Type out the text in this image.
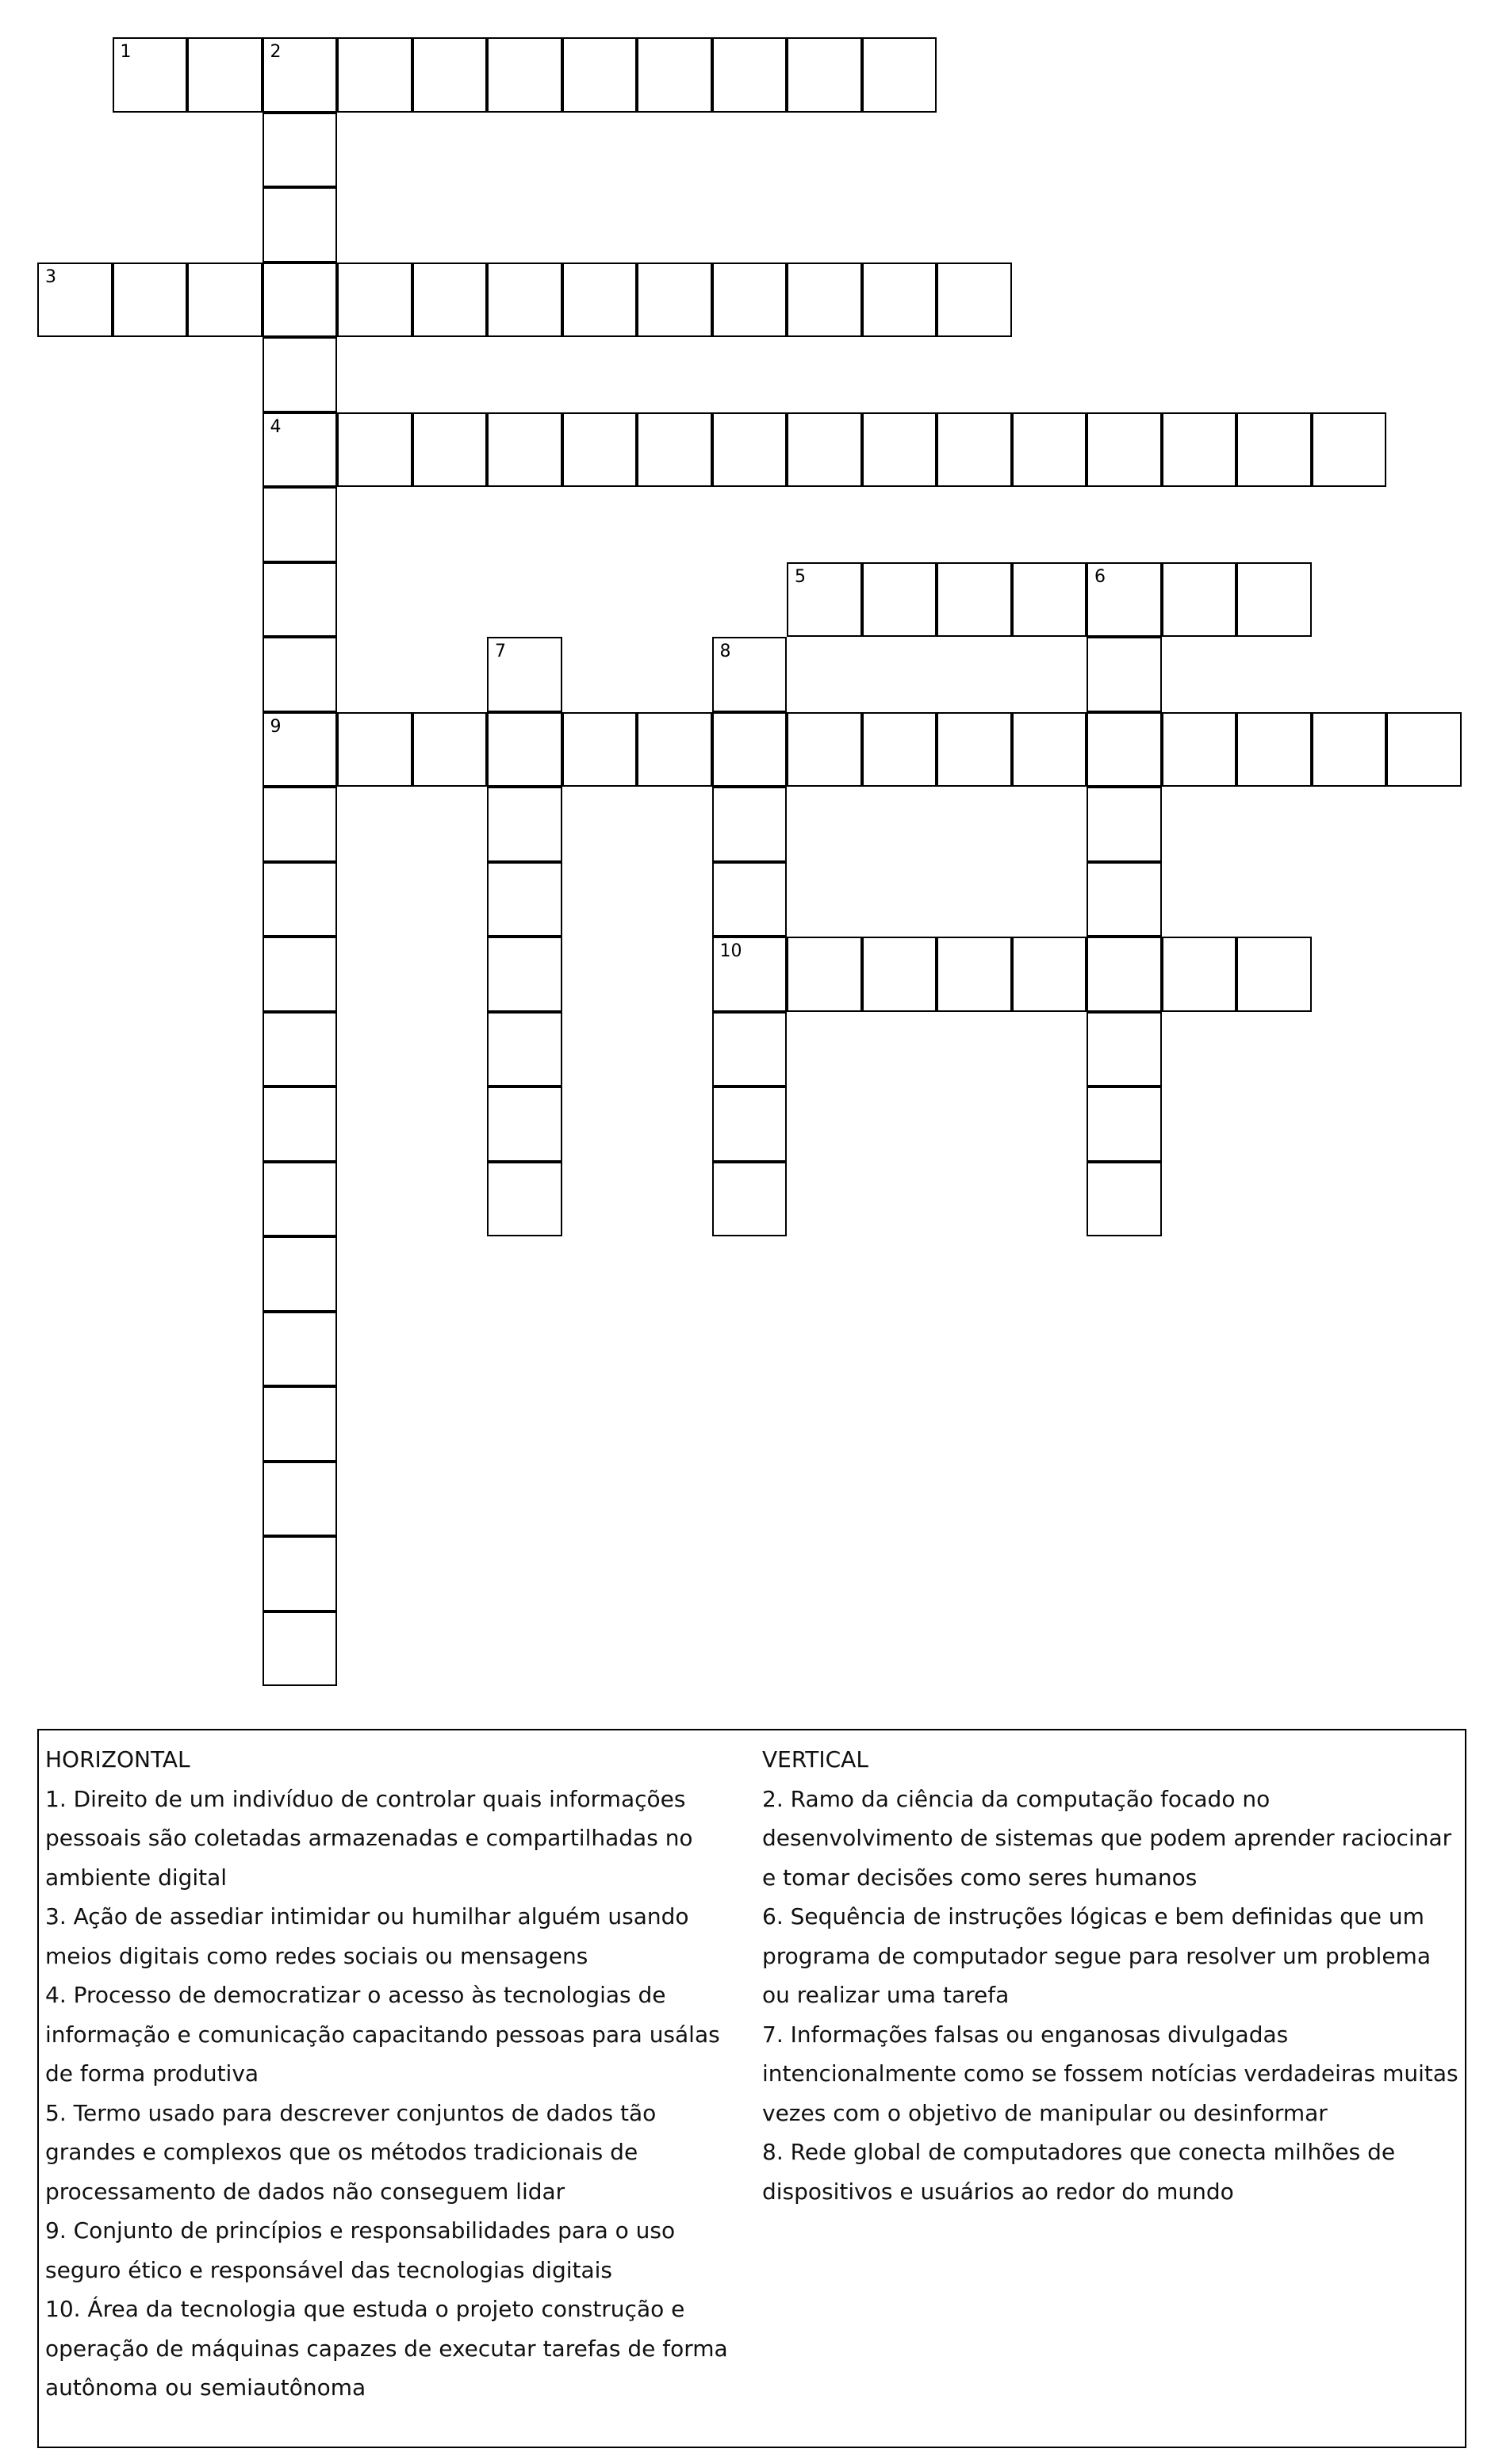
1	2
4
9
3
5	6
7	8
10

HORIZONTAL

1. Direito de um indivíduo de controlar quais informações pessoais são coletadas armazenadas e compartilhadas no ambiente digital

3. Ação de assediar intimidar ou humilhar alguém usando meios digitais como redes sociais ou mensagens

4. Processo de democratizar o acesso às tecnologias de informação e comunicação capacitando pessoas para usálas de forma produtiva

5. Termo usado para descrever conjuntos de dados tão grandes e complexos que os métodos tradicionais de processamento de dados não conseguem lidar

9. Conjunto de princípios e responsabilidades para o uso seguro ético e responsável das tecnologias digitais

10. Área da tecnologia que estuda o projeto construção e operação de máquinas capazes de executar tarefas de forma autônoma ou semiautônoma

VERTICAL

2. Ramo da ciência da computação focado no desenvolvimento de sistemas que podem aprender raciocinar e tomar decisões como seres humanos

6. Sequência de instruções lógicas e bem definidas que um programa de computador segue para resolver um problema ou realizar uma tarefa

7. Informações falsas ou enganosas divulgadas intencionalmente como se fossem notícias verdadeiras muitas vezes com o objetivo de manipular ou desinformar

8. Rede global de computadores que conecta milhões de dispositivos e usuários ao redor do mundo
